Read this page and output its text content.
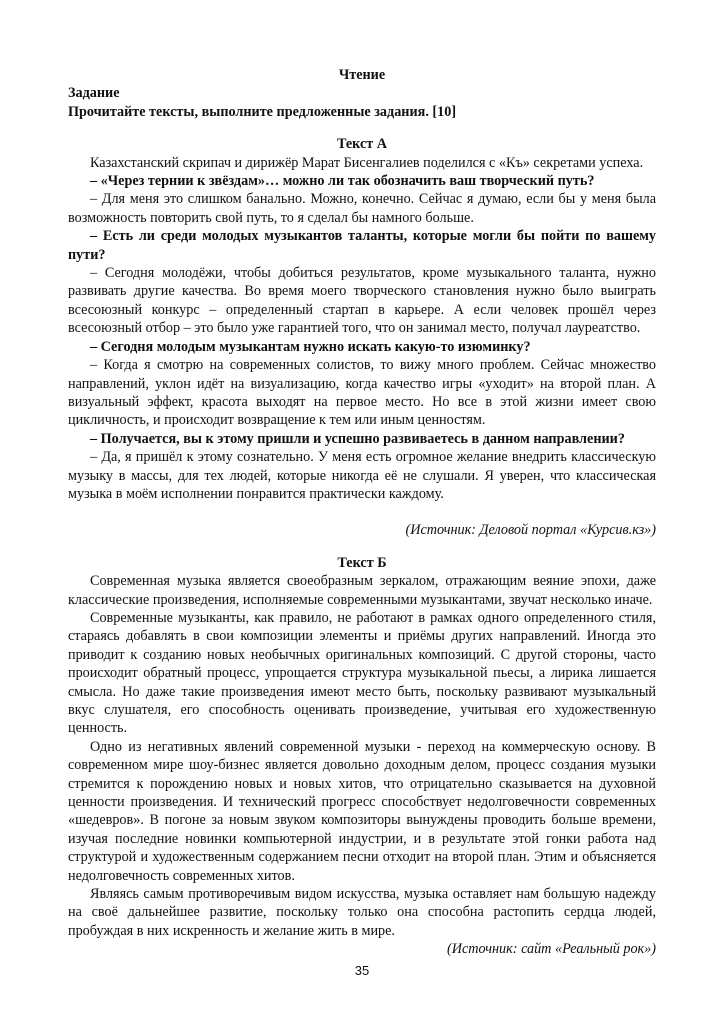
Чтение

Задание

Прочитайте тексты, выполните предложенные задания. [10]

Текст А

Казахстанский скрипач и дирижёр Марат Бисенгалиев поделился с «Къ» секретами успеха.

– «Через тернии к звёздам»… можно ли так обозначить ваш творческий путь?

– Для меня это слишком банально. Можно, конечно. Сейчас я думаю, если бы у меня была возможность повторить свой путь, то я сделал бы намного больше.

– Есть ли среди молодых музыкантов таланты, которые могли бы пойти по вашему пути?

– Сегодня молодёжи, чтобы добиться результатов, кроме музыкального таланта, нужно развивать другие качества. Во время моего творческого становления нужно было выиграть всесоюзный конкурс – определенный стартап в карьере. А если человек прошёл через всесоюзный отбор – это было уже гарантией того, что он занимал место, получал лауреатство.

– Сегодня молодым музыкантам нужно искать какую-то изюминку?

– Когда я смотрю на современных солистов, то вижу много проблем. Сейчас множество направлений, уклон идёт на визуализацию, когда качество игры «уходит» на второй план. А визуальный эффект, красота выходят на первое место. Но все в этой жизни имеет свою цикличность, и происходит возвращение к тем или иным ценностям.

– Получается, вы к этому пришли и успешно развиваетесь в данном направлении?

– Да, я пришёл к этому сознательно. У меня есть огромное желание внедрить классическую музыку в массы, для тех людей, которые никогда её не слушали. Я уверен, что классическая музыка в моём исполнении понравится практически каждому.

(Источник: Деловой портал «Курсив.кз»)

Текст Б

Современная музыка является своеобразным зеркалом, отражающим веяние эпохи, даже классические произведения, исполняемые современными музыкантами, звучат несколько иначе.

Современные музыканты, как правило, не работают в рамках одного определенного стиля, стараясь добавлять в свои композиции элементы и приёмы других направлений. Иногда это приводит к созданию новых необычных оригинальных композиций. С другой стороны, часто происходит обратный процесс, упрощается структура музыкальной пьесы, а лирика лишается смысла. Но даже такие произведения имеют место быть, поскольку развивают музыкальный вкус слушателя, его способность оценивать произведение, учитывая его художественную ценность.

Одно из негативных явлений современной музыки - переход на коммерческую основу. В современном мире шоу-бизнес является довольно доходным делом, процесс создания музыки стремится к порождению новых и новых хитов, что отрицательно сказывается на духовной ценности произведения. И технический прогресс способствует недолговечности современных «шедевров». В погоне за новым звуком композиторы вынуждены проводить больше времени, изучая последние новинки компьютерной индустрии, и в результате этой гонки работа над структурой и художественным содержанием песни отходит на второй план. Этим и объясняется недолговечность современных хитов.

Являясь самым противоречивым видом искусства, музыка оставляет нам большую надежду на своё дальнейшее развитие, поскольку только она способна растопить сердца людей, пробуждая в них искренность и желание жить в мире.

(Источник: сайт «Реальный рок»)

35
